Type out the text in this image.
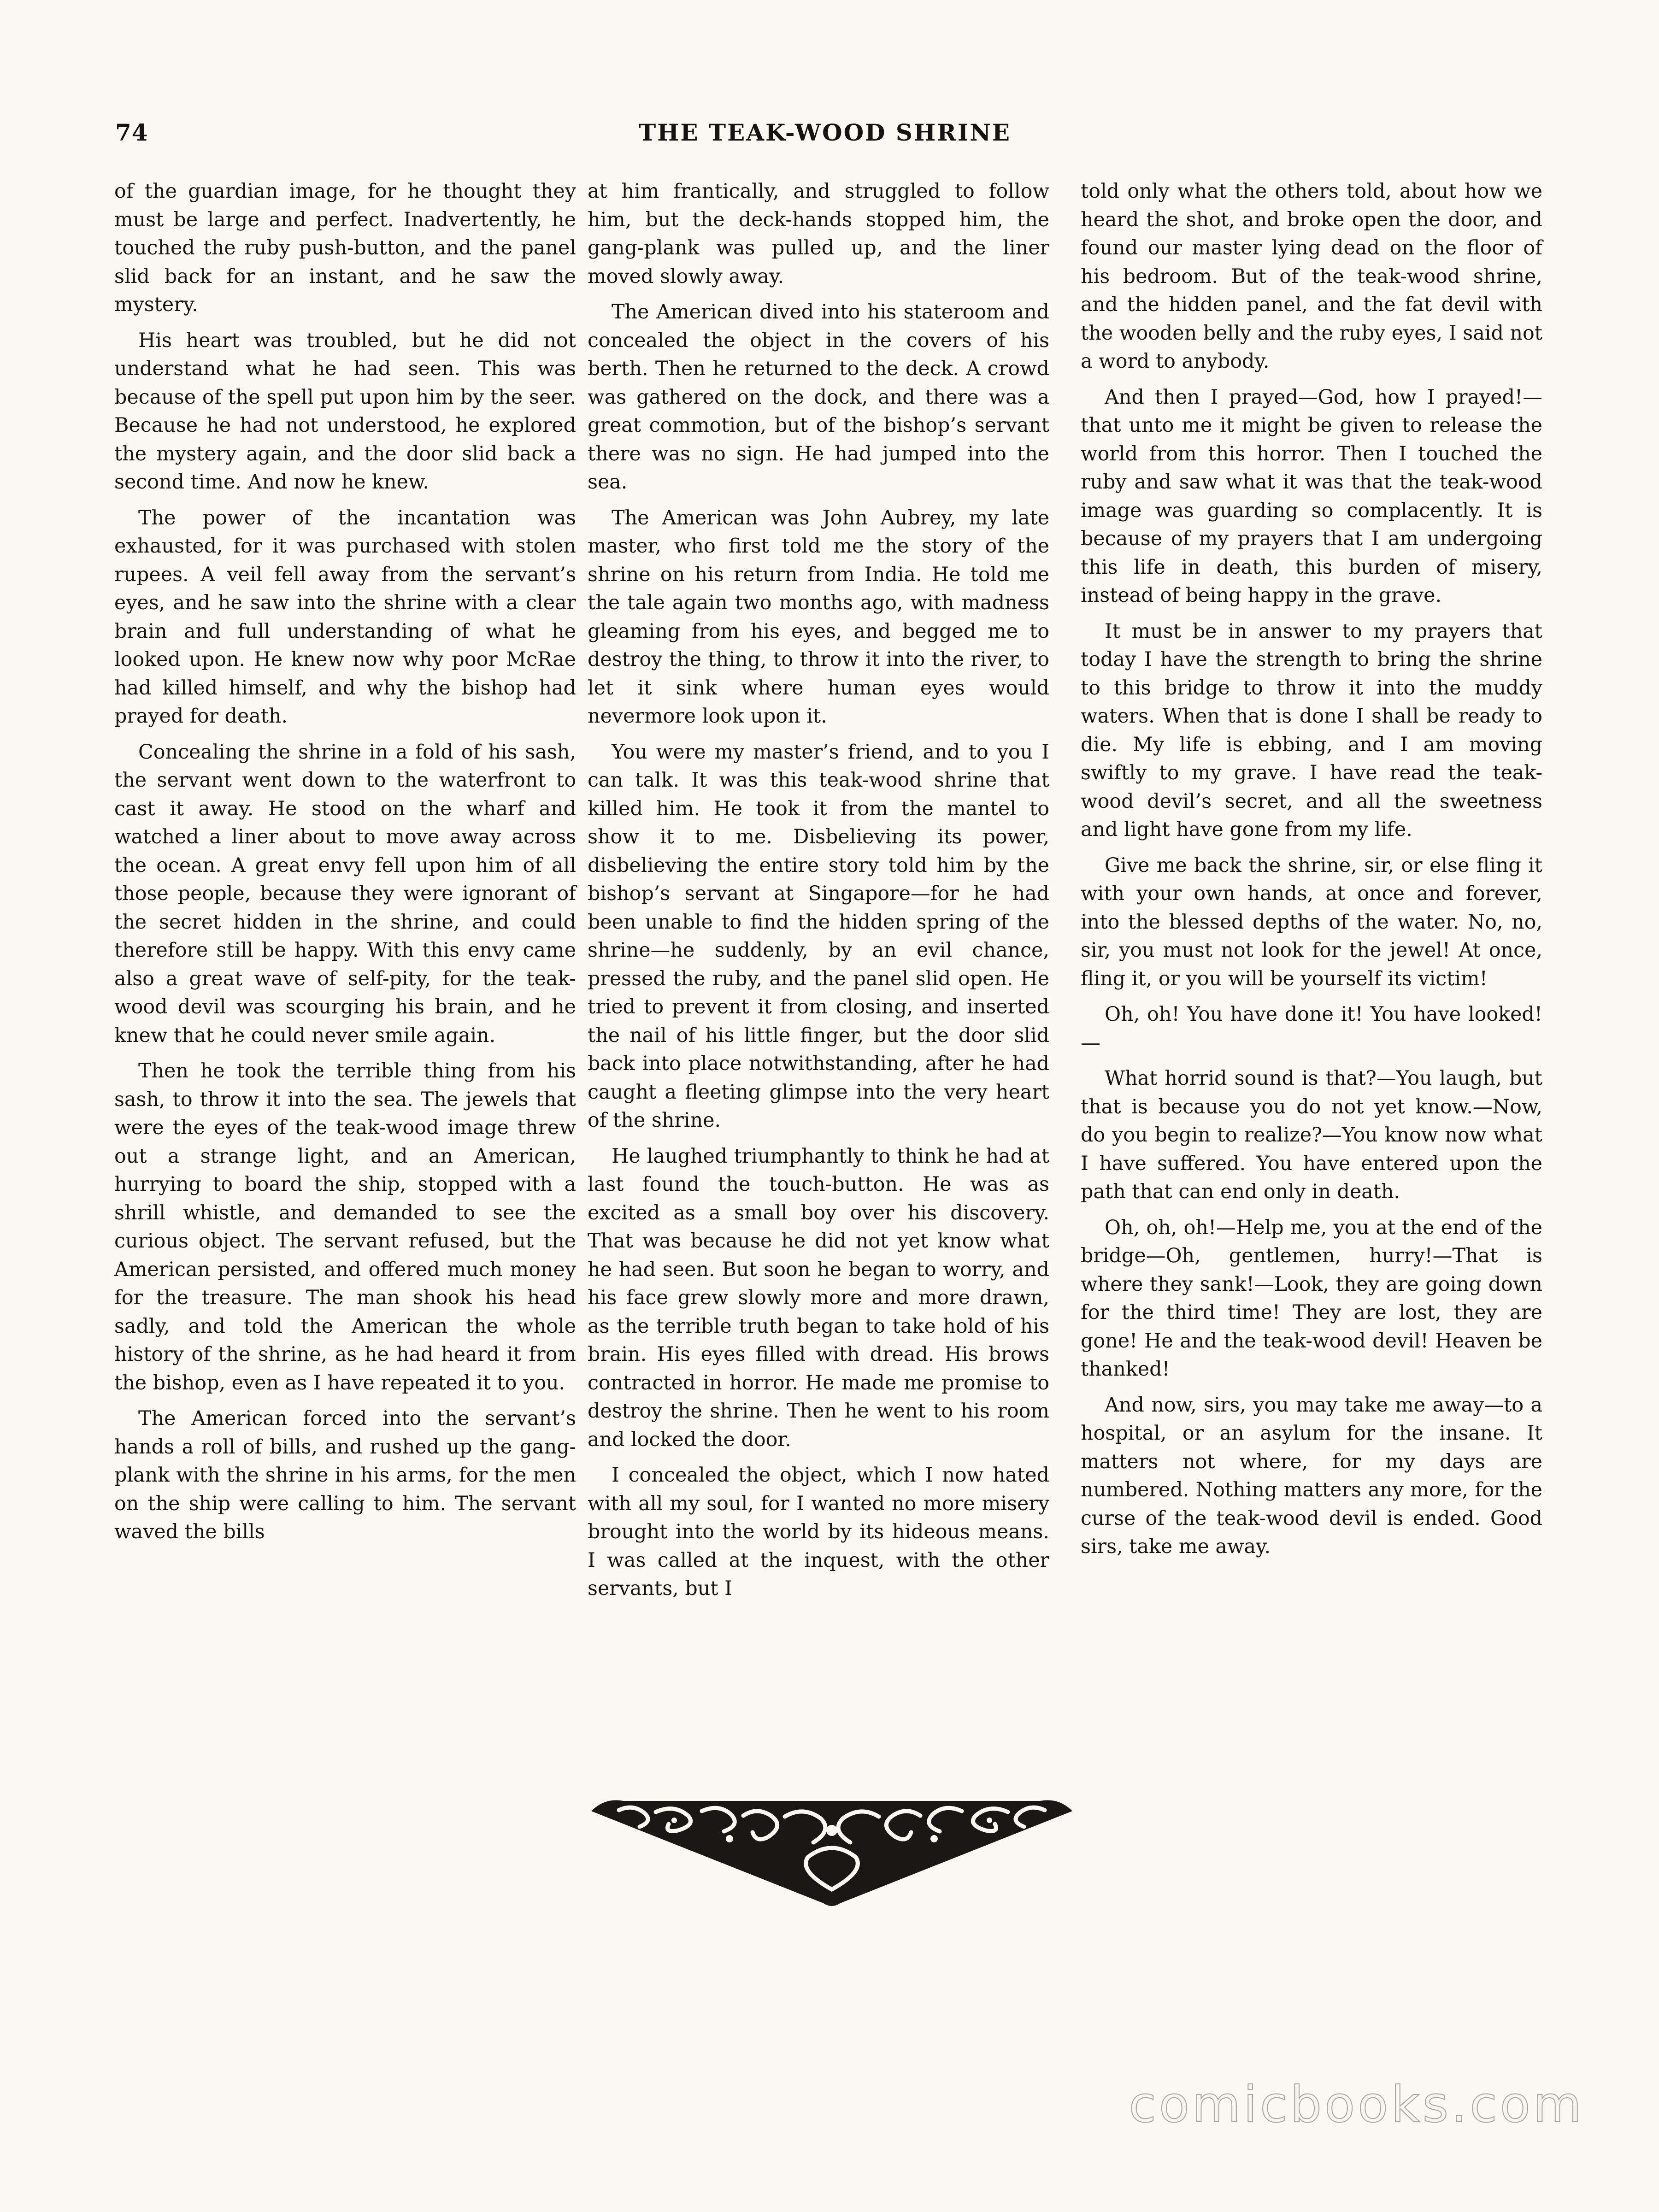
74	THE TEAK-WOOD SHRINE

of the guardian image, for he thought they must be large and perfect. Inadvertently, he touched the ruby push-button, and the panel slid back for an instant, and he saw the mystery.

His heart was troubled, but he did not understand what he had seen. This was because of the spell put upon him by the seer. Because he had not understood, he explored the mystery again, and the door slid back a second time. And now he knew.

The power of the incantation was exhausted, for it was purchased with stolen rupees. A veil fell away from the servant’s eyes, and he saw into the shrine with a clear brain and full understanding of what he looked upon. He knew now why poor McRae had killed himself, and why the bishop had prayed for death.

Concealing the shrine in a fold of his sash, the servant went down to the waterfront to cast it away. He stood on the wharf and watched a liner about to move away across the ocean. A great envy fell upon him of all those people, because they were ignorant of the secret hidden in the shrine, and could therefore still be happy. With this envy came also a great wave of self-pity, for the teak-wood devil was scourging his brain, and he knew that he could never smile again.

Then he took the terrible thing from his sash, to throw it into the sea. The jewels that were the eyes of the teak-wood image threw out a strange light, and an American, hurrying to board the ship, stopped with a shrill whistle, and demanded to see the curious object. The servant refused, but the American persisted, and offered much money for the treasure. The man shook his head sadly, and told the American the whole history of the shrine, as he had heard it from the bishop, even as I have repeated it to you.

The American forced into the servant’s hands a roll of bills, and rushed up the gang-plank with the shrine in his arms, for the men on the ship were calling to him. The servant waved the bills

at him frantically, and struggled to follow him, but the deck-hands stopped him, the gang-plank was pulled up, and the liner moved slowly away.

The American dived into his stateroom and concealed the object in the covers of his berth. Then he returned to the deck. A crowd was gathered on the dock, and there was a great commotion, but of the bishop’s servant there was no sign. He had jumped into the sea.

The American was John Aubrey, my late master, who first told me the story of the shrine on his return from India. He told me the tale again two months ago, with madness gleaming from his eyes, and begged me to destroy the thing, to throw it into the river, to let it sink where human eyes would nevermore look upon it.

You were my master’s friend, and to you I can talk. It was this teak-wood shrine that killed him. He took it from the mantel to show it to me. Disbelieving its power, disbelieving the entire story told him by the bishop’s servant at Singapore—for he had been unable to find the hidden spring of the shrine—he suddenly, by an evil chance, pressed the ruby, and the panel slid open. He tried to prevent it from closing, and inserted the nail of his little finger, but the door slid back into place notwithstanding, after he had caught a fleeting glimpse into the very heart of the shrine.

He laughed triumphantly to think he had at last found the touch-button. He was as excited as a small boy over his discovery. That was because he did not yet know what he had seen. But soon he began to worry, and his face grew slowly more and more drawn, as the terrible truth began to take hold of his brain. His eyes filled with dread. His brows contracted in horror. He made me promise to destroy the shrine. Then he went to his room and locked the door.

I concealed the object, which I now hated with all my soul, for I wanted no more misery brought into the world by its hideous means. I was called at the inquest, with the other servants, but I

told only what the others told, about how we heard the shot, and broke open the door, and found our master lying dead on the floor of his bedroom. But of the teak-wood shrine, and the hidden panel, and the fat devil with the wooden belly and the ruby eyes, I said not a word to anybody.

And then I prayed—God, how I prayed!—that unto me it might be given to release the world from this horror. Then I touched the ruby and saw what it was that the teak-wood image was guarding so complacently. It is because of my prayers that I am undergoing this life in death, this burden of misery, instead of being happy in the grave.

It must be in answer to my prayers that today I have the strength to bring the shrine to this bridge to throw it into the muddy waters. When that is done I shall be ready to die. My life is ebbing, and I am moving swiftly to my grave. I have read the teak-wood devil’s secret, and all the sweetness and light have gone from my life.

Give me back the shrine, sir, or else fling it with your own hands, at once and forever, into the blessed depths of the water. No, no, sir, you must not look for the jewel! At once, fling it, or you will be yourself its victim!

Oh, oh! You have done it! You have looked!—

What horrid sound is that?—You laugh, but that is because you do not yet know.—Now, do you begin to realize?—You know now what I have suffered. You have entered upon the path that can end only in death.

Oh, oh, oh!—Help me, you at the end of the bridge—Oh, gentlemen, hurry!—That is where they sank!—Look, they are going down for the third time! They are lost, they are gone! He and the teak-wood devil! Heaven be thanked!

And now, sirs, you may take me away—to a hospital, or an asylum for the insane. It matters not where, for my days are numbered. Nothing matters any more, for the curse of the teak-wood devil is ended. Good sirs, take me away.

comicbooks.com
